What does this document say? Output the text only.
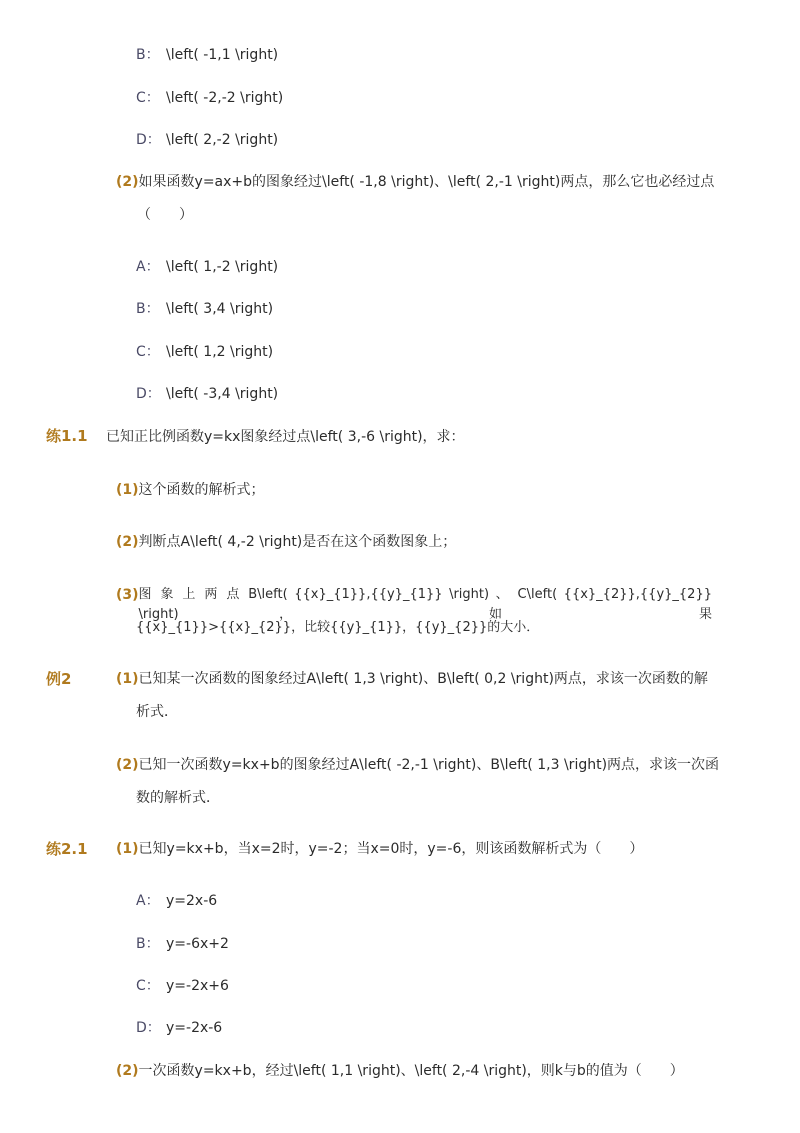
B： \left( -1,1 \right)
C： \left( -2,-2 \right)
D： \left( 2,-2 \right)
(2)如果函数y=ax+b的图象经过\left( -1,8 \right)、\left( 2,-1 \right)两点，那么它也必经过点
（　　）
A： \left( 1,-2 \right)
B： \left( 3,4 \right)
C： \left( 1,2 \right)
D： \left( -3,4 \right)
练1.1 已知正比例函数y=kx图象经过点\left( 3,-6 \right)，求：
(1)这个函数的解析式；
(2)判断点A\left( 4,-2 \right)是否在这个函数图象上；
(3) 图 象 上 两 点 B\left( {{x}_{1}},{{y}_{1}} \right) 、 C\left( {{x}_{2}},{{y}_{2}} \right) ， 如 果
{{x}_{1}}>{{x}_{2}}，比较{{y}_{1}}，{{y}_{2}}的大小．
例2	(1)已知某一次函数的图象经过A\left( 1,3 \right)、B\left( 0,2 \right)两点，求该一次函数的解
析式．
(2)已知一次函数y=kx+b的图象经过A\left( -2,-1 \right)、B\left( 1,3 \right)两点，求该一次函
数的解析式．
练2.1 (1)已知y=kx+b，当x=2时，y=-2；当x=0时，y=-6，则该函数解析式为（　　）
A： y=2x-6
B： y=-6x+2
C： y=-2x+6
D： y=-2x-6
(2)一次函数y=kx+b，经过\left( 1,1 \right)、\left( 2,-4 \right)，则k与b的值为（　　）
